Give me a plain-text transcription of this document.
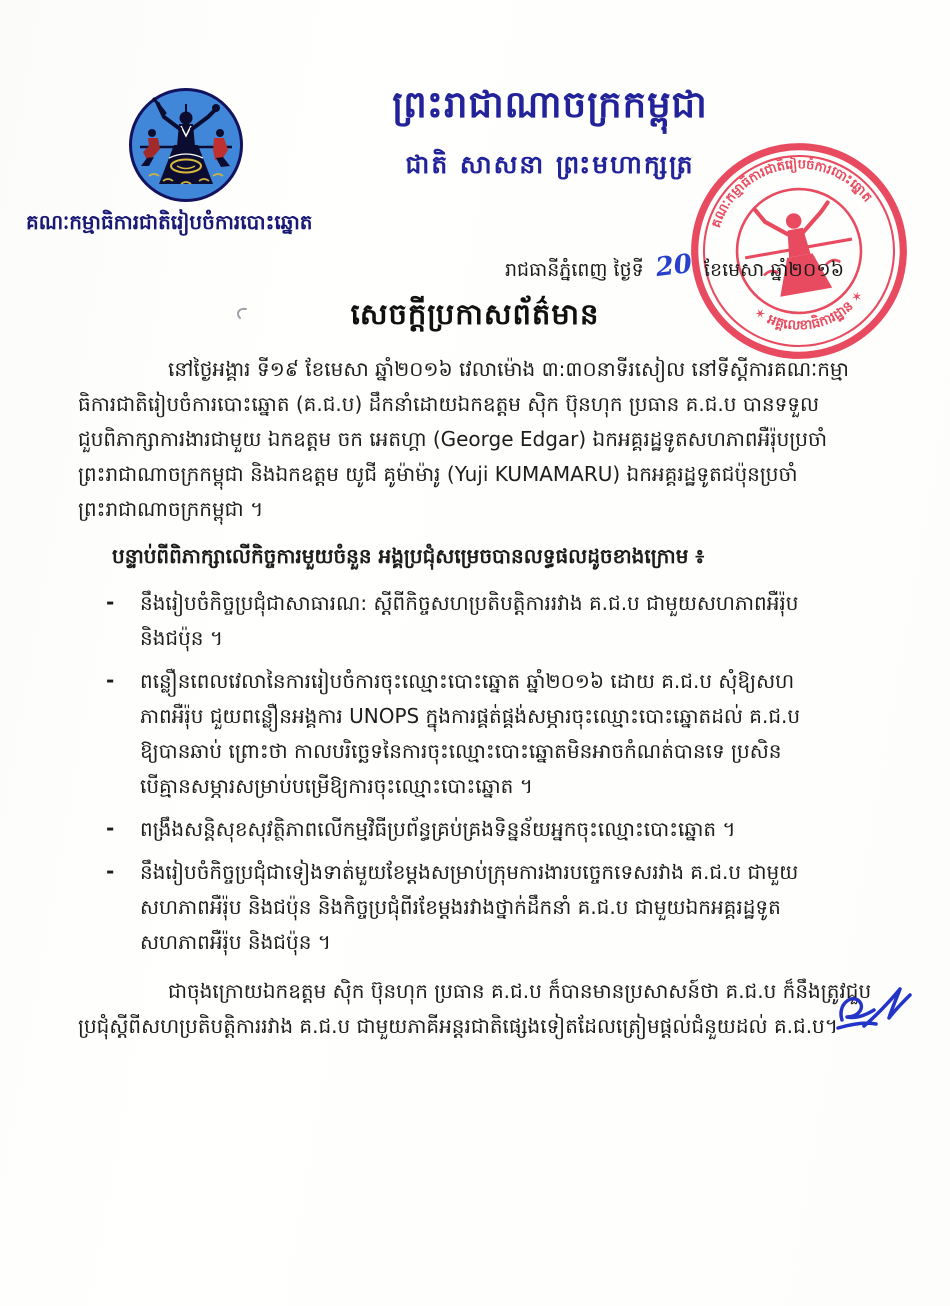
ព្រះរាជាណាចក្រកម្ពុជា
ជាតិ សាសនា ព្រះមហាក្សត្រ
គណៈកម្មាធិការជាតិរៀបចំការបោះឆ្នោត	គណៈកម្មាធិការជាតិរៀបចំការបោះឆ្នោត
✶ អគ្គលេខាធិការដ្ឋាន ✶
រាជធានីភ្នំពេញ ថ្ងៃទី 20 ខែមេសា ឆ្នាំ២០១៦
សេចក្តីប្រកាសព័ត៌មាន
នៅថ្ងៃអង្គារ ទី១៩ ខែមេសា ឆ្នាំ២០១៦ វេលាម៉ោង ៣:៣០នាទីរសៀល នៅទីស្តីការគណៈកម្មា
ធិការជាតិរៀបចំការបោះឆ្នោត (គ.ជ.ប) ដឹកនាំដោយឯកឧត្តម ស៊ិក ប៊ុនហុក ប្រធាន គ.ជ.ប បានទទួល
ជួបពិភាក្សាការងារជាមួយ ឯកឧត្តម ចក អេតហ្គា (George Edgar) ឯកអគ្គរដ្ឋទូតសហភាពអឺរ៉ុបប្រចាំ
ព្រះរាជាណាចក្រកម្ពុជា និងឯកឧត្តម យូជី គូម៉ាម៉ារូ (Yuji KUMAMARU) ឯកអគ្គរដ្ឋទូតជប៉ុនប្រចាំ
ព្រះរាជាណាចក្រកម្ពុជា ។
បន្ទាប់ពីពិភាក្សាលើកិច្ចការមួយចំនួន អង្គប្រជុំសម្រេចបានលទ្ធផលដូចខាងក្រោម ៖
-	នឹងរៀបចំកិច្ចប្រជុំជាសាធារណ: ស្តីពីកិច្ចសហប្រតិបត្តិការរវាង គ.ជ.ប ជាមួយសហភាពអឺរ៉ុប
និងជប៉ុន ។
-	ពន្លឿនពេលវេលានៃការរៀបចំការចុះឈ្មោះបោះឆ្នោត ឆ្នាំ២០១៦ ដោយ គ.ជ.ប សុំឱ្យសហ
ភាពអឺរ៉ុប ជួយពន្លឿនអង្គការ UNOPS ក្នុងការផ្គត់ផ្គង់សម្ភារចុះឈ្មោះបោះឆ្នោតដល់ គ.ជ.ប
ឱ្យបានឆាប់ ព្រោះថា កាលបរិច្ឆេទនៃការចុះឈ្មោះបោះឆ្នោតមិនអាចកំណត់បានទេ ប្រសិន
បើគ្មានសម្ភារសម្រាប់បម្រើឱ្យការចុះឈ្មោះបោះឆ្នោត ។
-	ពង្រឹងសន្តិសុខសុវត្ថិភាពលើកម្មវិធីប្រព័ន្ធគ្រប់គ្រងទិន្នន័យអ្នកចុះឈ្មោះបោះឆ្នោត ។
-	នឹងរៀបចំកិច្ចប្រជុំជាទៀងទាត់មួយខែម្តងសម្រាប់ក្រុមការងារបច្ចេកទេសរវាង គ.ជ.ប ជាមួយ
សហភាពអឺរ៉ុប និងជប៉ុន និងកិច្ចប្រជុំពីរខែម្តងរវាងថ្នាក់ដឹកនាំ គ.ជ.ប ជាមួយឯកអគ្គរដ្ឋទូត
សហភាពអឺរ៉ុប និងជប៉ុន ។
ជាចុងក្រោយឯកឧត្តម ស៊ិក ប៊ុនហុក ប្រធាន គ.ជ.ប ក៏បានមានប្រសាសន៍ថា គ.ជ.ប ក៏នឹងត្រូវជួប
ប្រជុំស្តីពីសហប្រតិបត្តិការរវាង គ.ជ.ប ជាមួយភាគីអន្តរជាតិផ្សេងទៀតដែលត្រៀមផ្តល់ជំនួយដល់ គ.ជ.ប។
